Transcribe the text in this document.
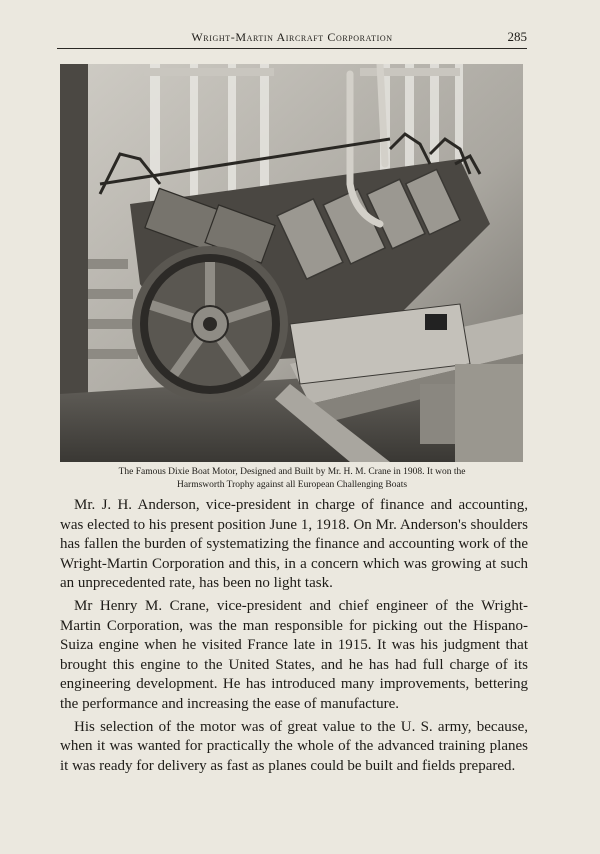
Wright-Martin Aircraft Corporation	285
The Famous Dixie Boat Motor, Designed and Built by Mr. H. M. Crane in 1908. It won the
Harmsworth Trophy against all European Challenging Boats

Mr. J. H. Anderson, vice-president in charge of finance and accounting, was elected to his present position June 1, 1918. On Mr. Anderson's shoulders has fallen the burden of systematizing the finance and accounting work of the Wright-Martin Corporation and this, in a concern which was growing at such an unprecedented rate, has been no light task.

Mr Henry M. Crane, vice-president and chief engineer of the Wright-Martin Corporation, was the man responsible for picking out the Hispano-Suiza engine when he visited France late in 1915. It was his judgment that brought this engine to the United States, and he has had full charge of its engineering development. He has introduced many improvements, bettering the performance and increasing the ease of manufacture.

His selection of the motor was of great value to the U. S. army, because, when it was wanted for practically the whole of the advanced training planes it was ready for delivery as fast as planes could be built and fields prepared.
